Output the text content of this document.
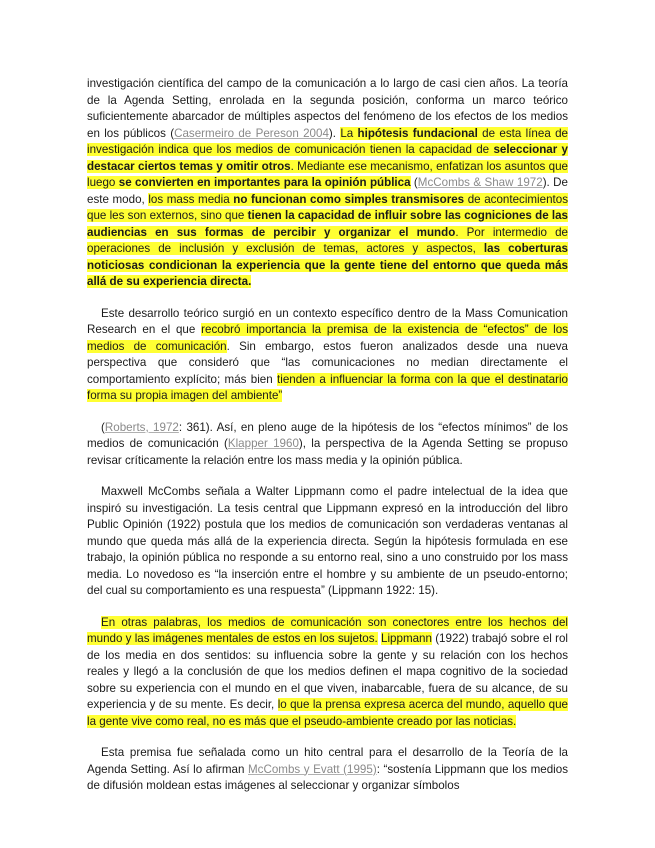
investigación científica del campo de la comunicación a lo largo de casi cien años. La teoría de la Agenda Setting, enrolada en la segunda posición, conforma un marco teórico suficientemente abarcador de múltiples aspectos del fenómeno de los efectos de los medios en los públicos (Casermeiro de Pereson 2004). La hipótesis fundacional de esta línea de investigación indica que los medios de comunicación tienen la capacidad de seleccionar y destacar ciertos temas y omitir otros. Mediante ese mecanismo, enfatizan los asuntos que luego se convierten en importantes para la opinión pública (McCombs & Shaw 1972). De este modo, los mass media no funcionan como simples transmisores de acontecimientos que les son externos, sino que tienen la capacidad de influir sobre las cogniciones de las audiencias en sus formas de percibir y organizar el mundo. Por intermedio de operaciones de inclusión y exclusión de temas, actores y aspectos, las coberturas noticiosas condicionan la experiencia que la gente tiene del entorno que queda más allá de su experiencia directa.

Este desarrollo teórico surgió en un contexto específico dentro de la Mass Comunication Research en el que recobró importancia la premisa de la existencia de “efectos” de los medios de comunicación. Sin embargo, estos fueron analizados desde una nueva perspectiva que consideró que “las comunicaciones no median directamente el comportamiento explícito; más bien tienden a influenciar la forma con la que el destinatario forma su propia imagen del ambiente”

(Roberts, 1972: 361). Así, en pleno auge de la hipótesis de los “efectos mínimos” de los medios de comunicación (Klapper 1960), la perspectiva de la Agenda Setting se propuso revisar críticamente la relación entre los mass media y la opinión pública.

Maxwell McCombs señala a Walter Lippmann como el padre intelectual de la idea que inspiró su investigación. La tesis central que Lippmann expresó en la introducción del libro Public Opinión (1922) postula que los medios de comunicación son verdaderas ventanas al mundo que queda más allá de la experiencia directa. Según la hipótesis formulada en ese trabajo, la opinión pública no responde a su entorno real, sino a uno construido por los mass media. Lo novedoso es “la inserción entre el hombre y su ambiente de un pseudo-entorno; del cual su comportamiento es una respuesta” (Lippmann 1922: 15).

En otras palabras, los medios de comunicación son conectores entre los hechos del mundo y las imágenes mentales de estos en los sujetos. Lippmann (1922) trabajó sobre el rol de los media en dos sentidos: su influencia sobre la gente y su relación con los hechos reales y llegó a la conclusión de que los medios definen el mapa cognitivo de la sociedad sobre su experiencia con el mundo en el que viven, inabarcable, fuera de su alcance, de su experiencia y de su mente. Es decir, lo que la prensa expresa acerca del mundo, aquello que la gente vive como real, no es más que el pseudo-ambiente creado por las noticias.

Esta premisa fue señalada como un hito central para el desarrollo de la Teoría de la Agenda Setting. Así lo afirman McCombs y Evatt (1995): “sostenía Lippmann que los medios de difusión moldean estas imágenes al seleccionar y organizar símbolos
